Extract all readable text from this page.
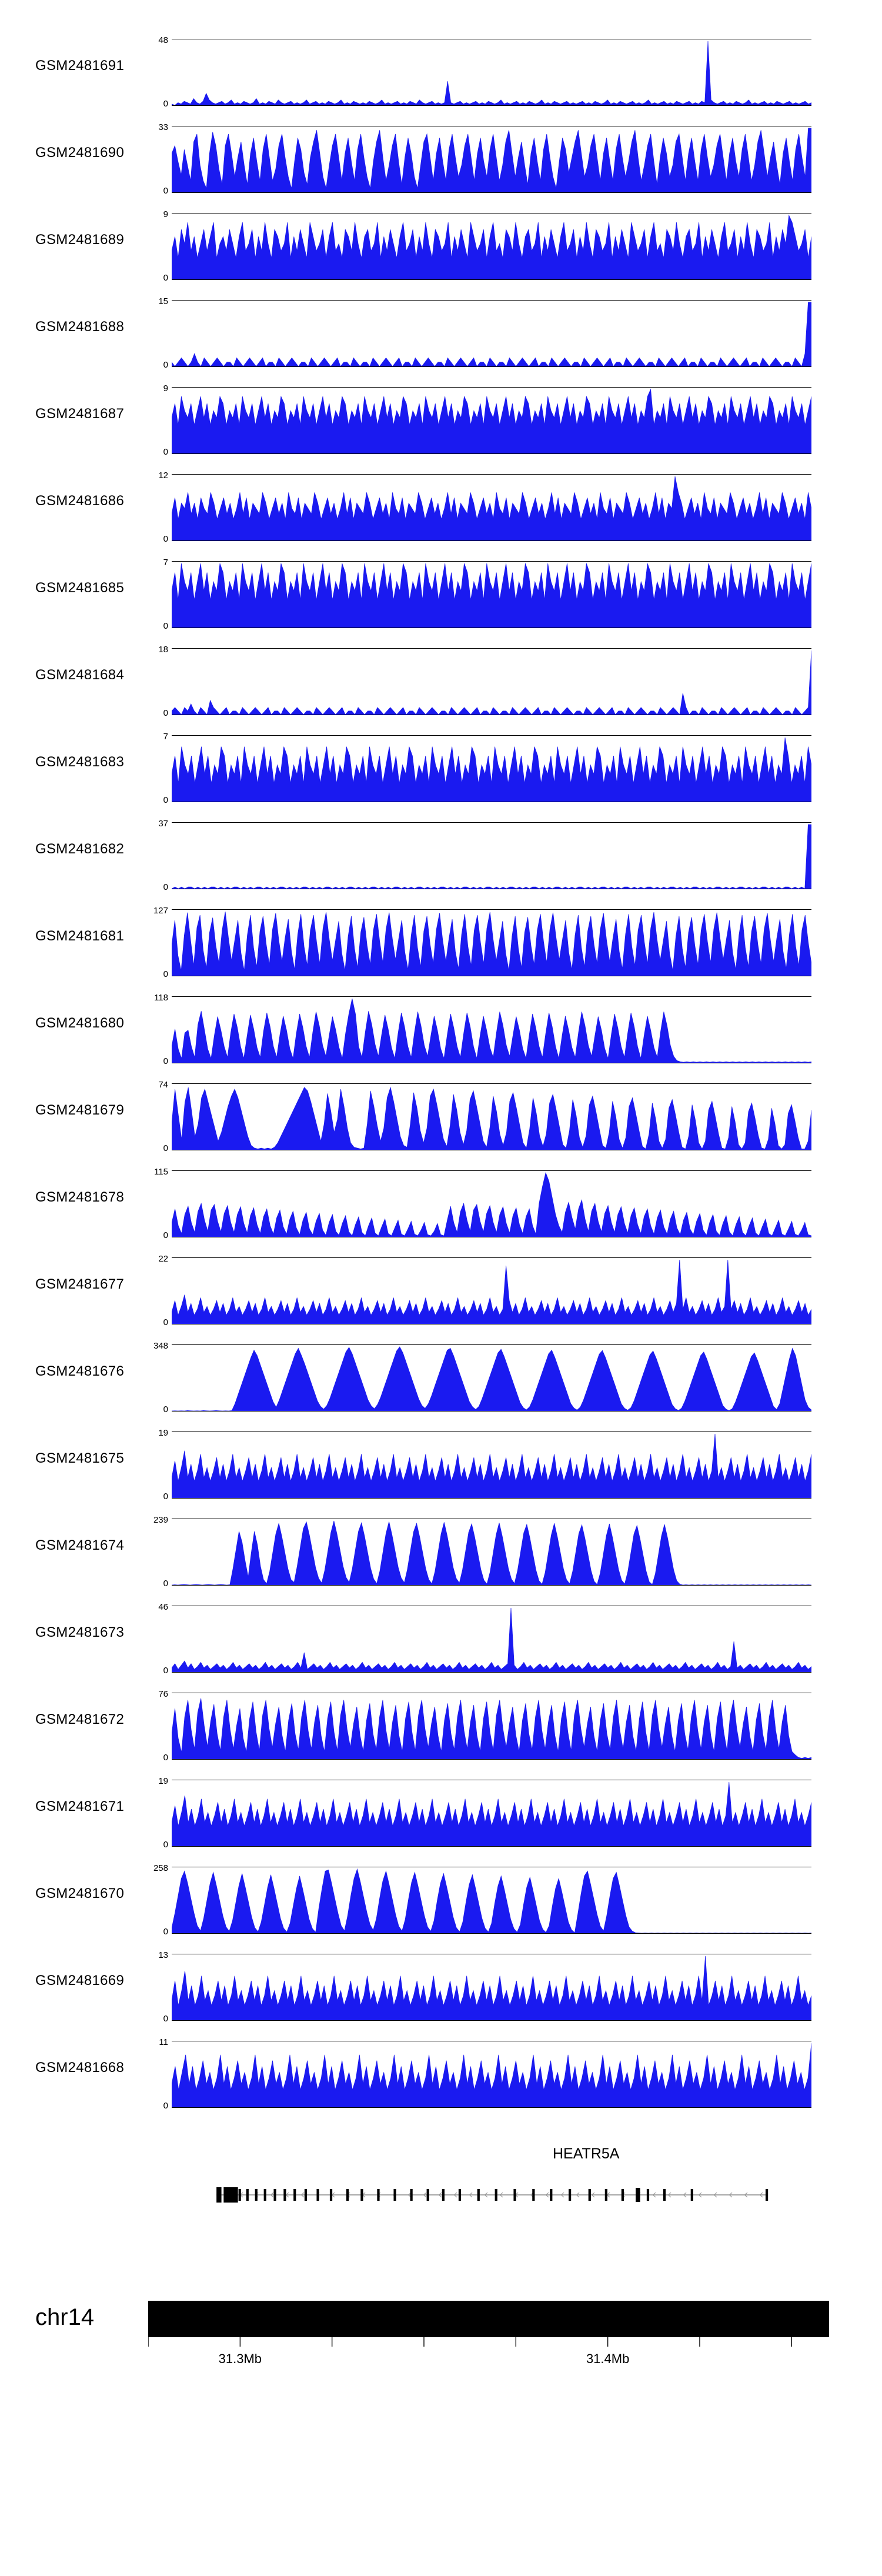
GSM2481691
48
0
GSM2481690
33
0
GSM2481689
9
0
GSM2481688
15
0
GSM2481687
9
0
GSM2481686
12
0
GSM2481685
7
0
GSM2481684
18
0
GSM2481683
7
0
GSM2481682
37
0
GSM2481681
127
0
GSM2481680
118
0
GSM2481679
74
0
GSM2481678
115
0
GSM2481677
22
0
GSM2481676
348
0
GSM2481675
19
0
GSM2481674
239
0
GSM2481673
46
0
GSM2481672
76
0
GSM2481671
19
0
GSM2481670
258
0
GSM2481669
13
0
GSM2481668
11
0
HEATR5A
chr14
31.3Mb	31.4Mb
